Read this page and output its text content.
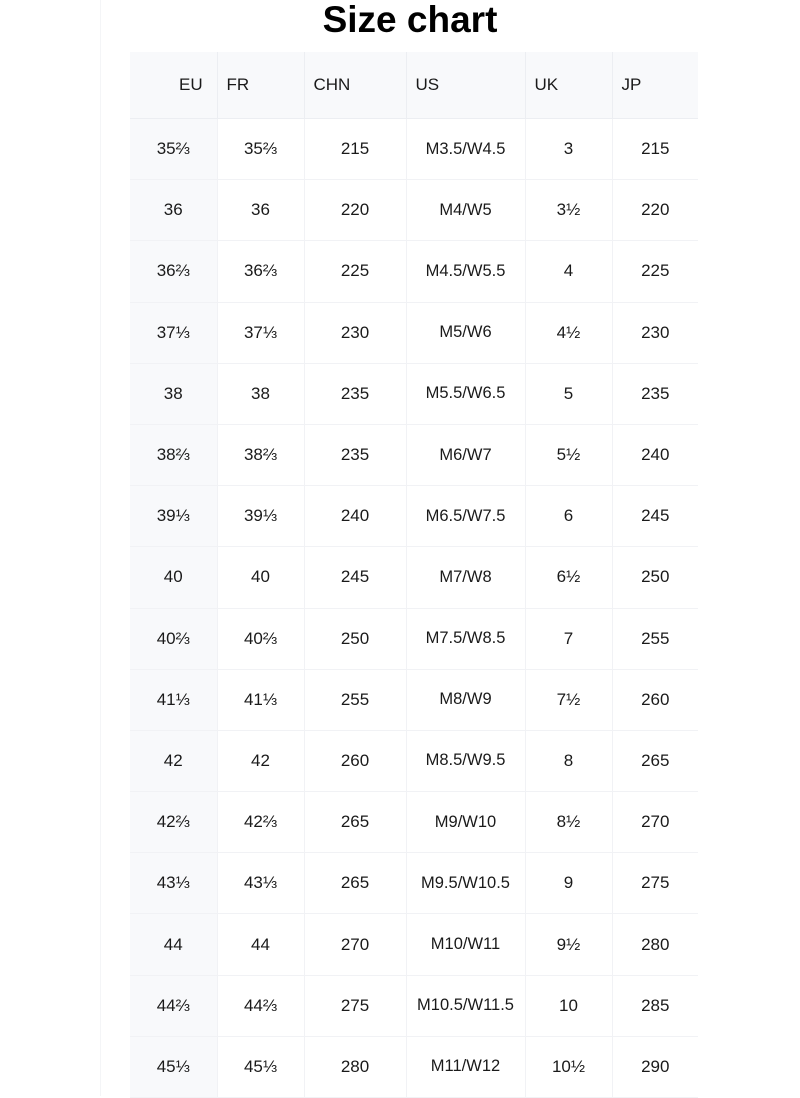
Size chart
EU	FR	CHN	US	UK	JP
35⅔	35⅔	215	M3.5/W4.5	3	215
36	36	220	M4/W5	3½	220
36⅔	36⅔	225	M4.5/W5.5	4	225
37⅓	37⅓	230	M5/W6	4½	230
38	38	235	M5.5/W6.5	5	235
38⅔	38⅔	235	M6/W7	5½	240
39⅓	39⅓	240	M6.5/W7.5	6	245
40	40	245	M7/W8	6½	250
40⅔	40⅔	250	M7.5/W8.5	7	255
41⅓	41⅓	255	M8/W9	7½	260
42	42	260	M8.5/W9.5	8	265
42⅔	42⅔	265	M9/W10	8½	270
43⅓	43⅓	265	M9.5/W10.5	9	275
44	44	270	M10/W11	9½	280
44⅔	44⅔	275	M10.5/W11.5	10	285
45⅓	45⅓	280	M11/W12	10½	290
